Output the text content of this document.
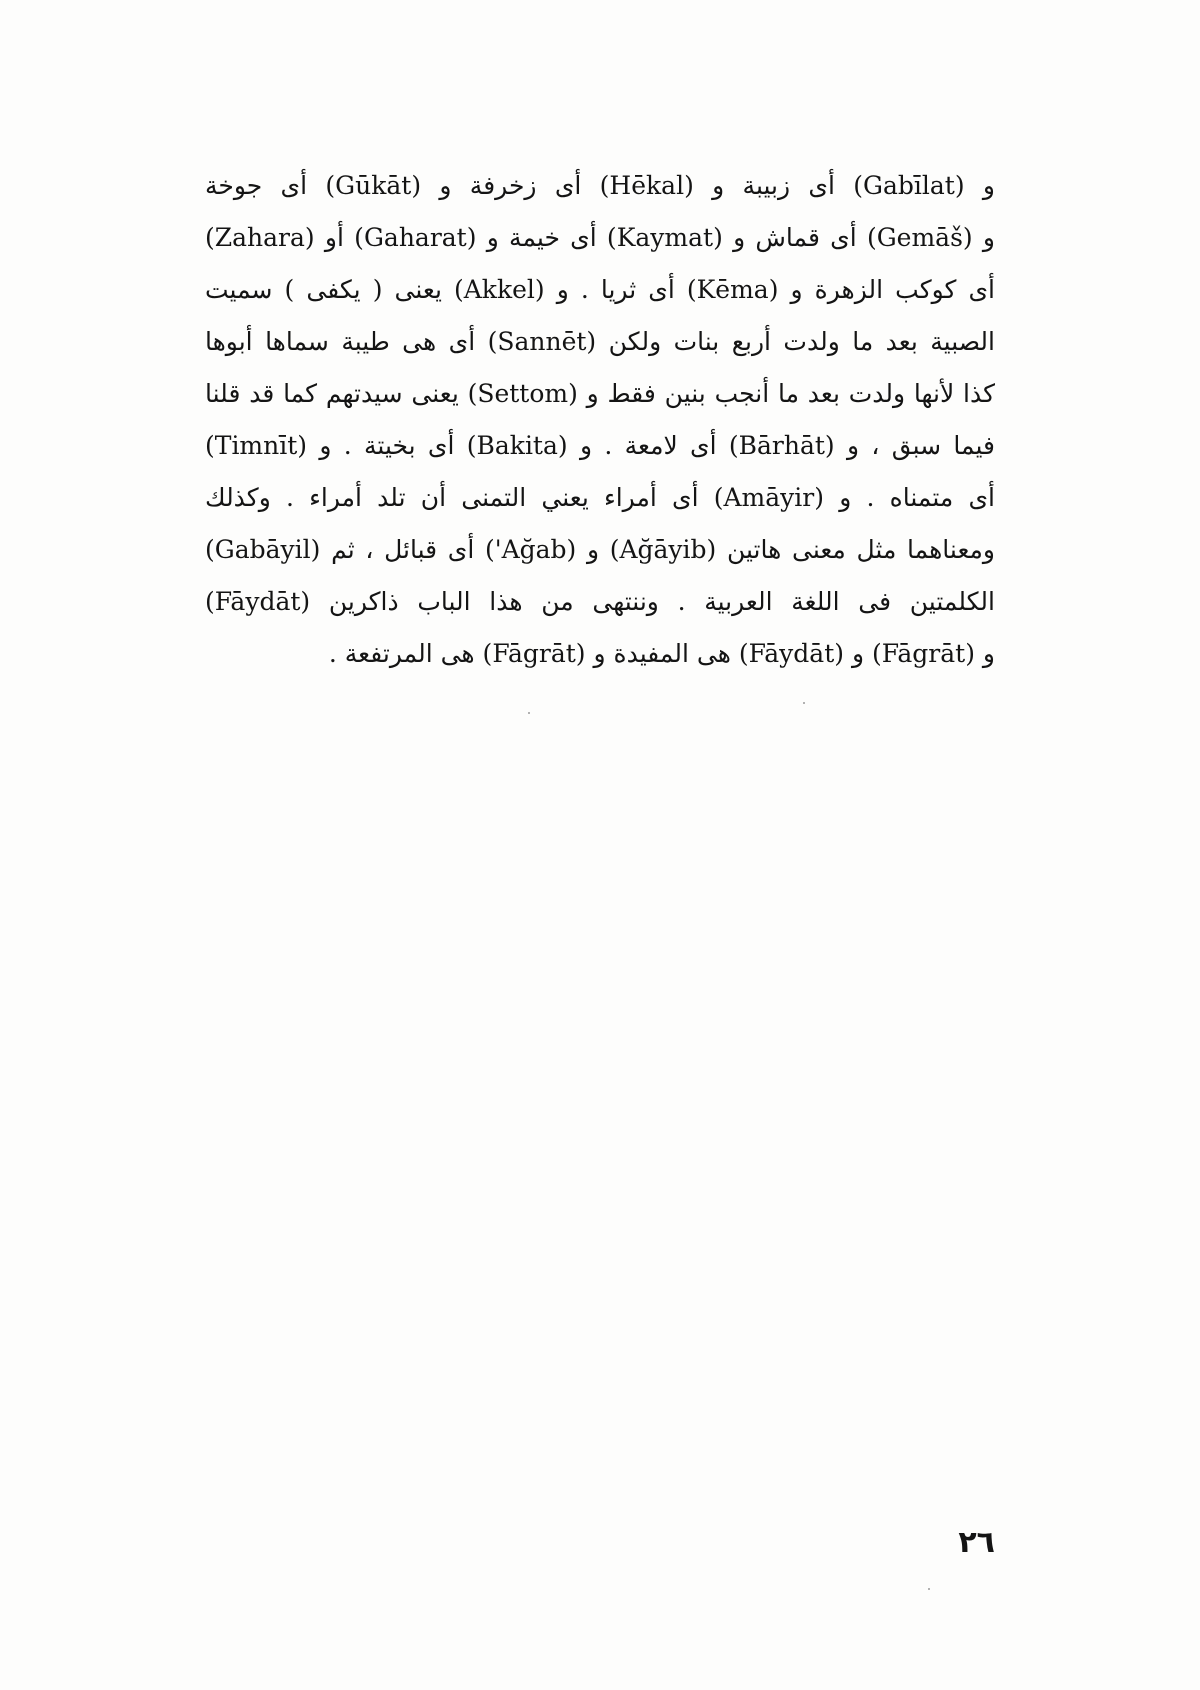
و (Gabīlat) أى زبيبة و (Hēkal) أى زخرفة و (Gūkāt) أى جوخة
و (Gemāš) أى قماش و (Kaymat) أى خيمة و (Gaharat) أو (Zahara)
أى كوكب الزهرة و (Kēma) أى ثريا . و (Akkel) يعنى ( يكفى ) سميت
الصبية بعد ما ولدت أربع بنات ولكن (Sannēt) أى هى طيبة سماها أبوها
كذا لأنها ولدت بعد ما أنجب بنين فقط و (Settom) يعنى سيدتهم كما قد قلنا
فيما سبق ، و (Bārhāt) أى لامعة . و (Bakita) أى بخيتة . و (Timnīt)
أى متمناه . و (Amāyir) أى أمراء يعني التمنى أن تلد أمراء . وكذلك
(Gabāyil) أى قبائل ، ثم ('Ağab) و (Ağāyib) ومعناهما مثل معنى هاتين
الكلمتين فى اللغة العربية . وننتهى من هذا الباب ذاكرين (Fāydāt)
و (Fāgrāt) و (Fāydāt) هى المفيدة و (Fāgrāt) هى المرتفعة .
٢٦
